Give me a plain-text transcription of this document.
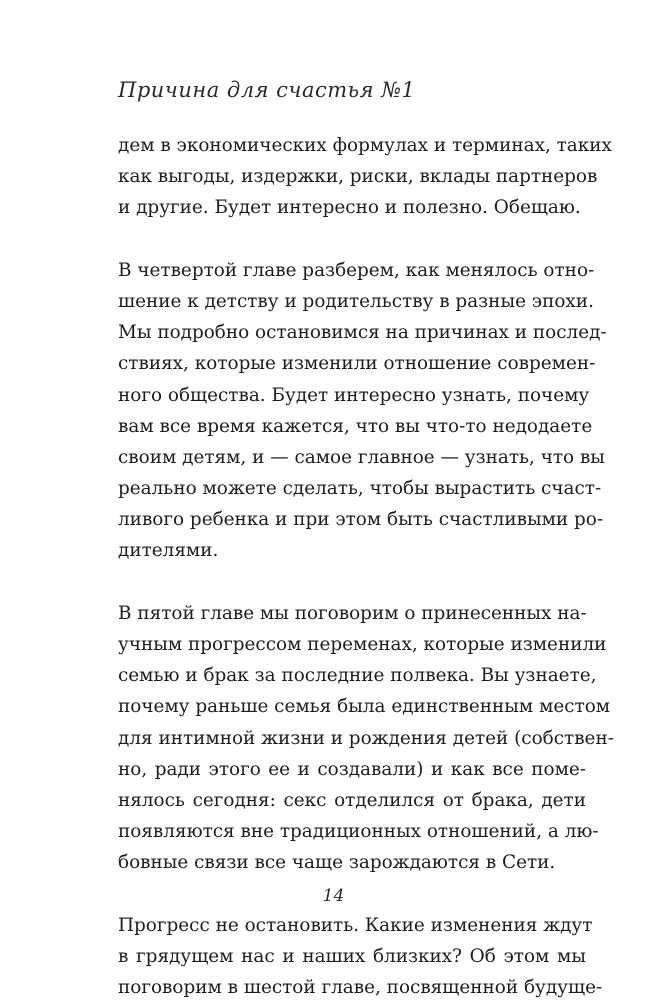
Причина для счастья №1
дем в экономических формулах и терминах, таких
как выгоды, издержки, риски, вклады партнеров
и другие. Будет интересно и полезно. Обещаю.
В четвертой главе разберем, как менялось отно-
шение к детству и родительству в разные эпохи.
Мы подробно остановимся на причинах и послед-
ствиях, которые изменили отношение современ-
ного общества. Будет интересно узнать, почему
вам все время кажется, что вы что-то недодаете
своим детям, и — самое главное — узнать, что вы
реально можете сделать, чтобы вырастить счаст-
ливого ребенка и при этом быть счастливыми ро-
дителями.
В пятой главе мы поговорим о принесенных на-
учным прогрессом переменах, которые изменили
семью и брак за последние полвека. Вы узнаете,
почему раньше семья была единственным местом
для интимной жизни и рождения детей (собствен-
но, ради этого ее и создавали) и как все поме-
нялось сегодня: секс отделился от брака, дети
появляются вне традиционных отношений, а лю-
бовные связи все чаще зарождаются в Сети.
Прогресс не остановить. Какие изменения ждут
в грядущем нас и наших близких? Об этом мы
поговорим в шестой главе, посвященной будуще-
14
